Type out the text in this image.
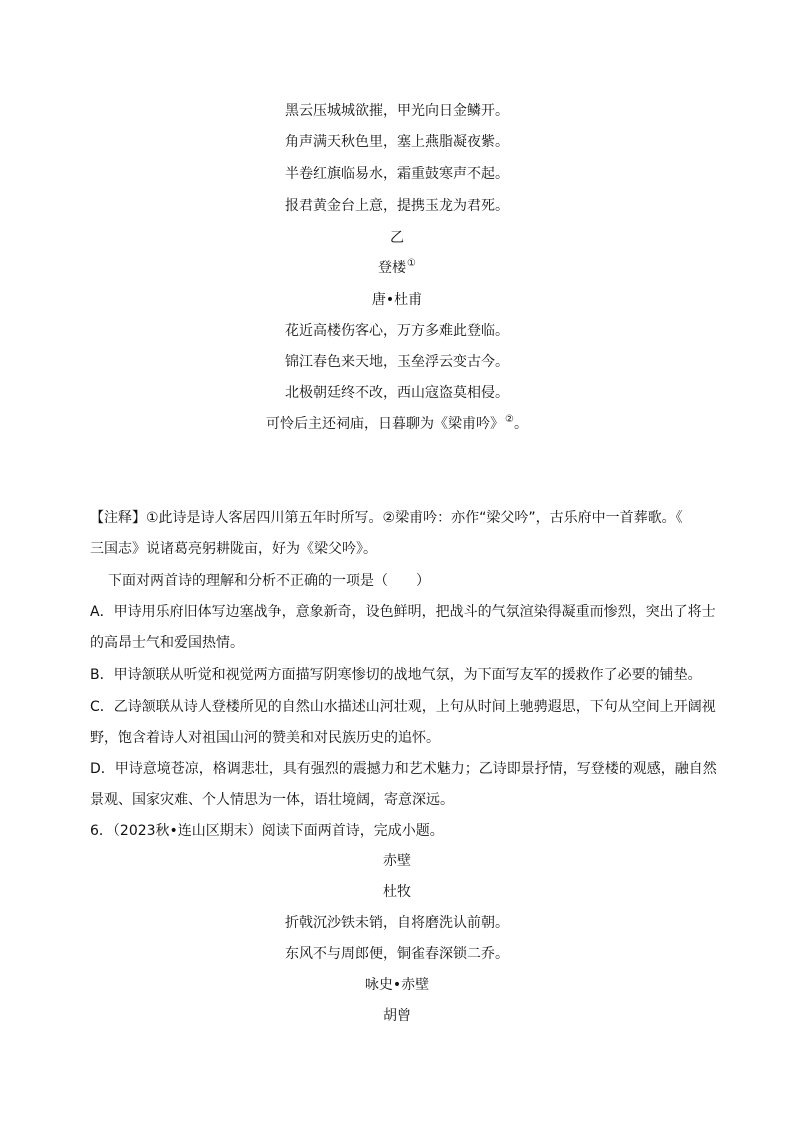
黑云压城城欲摧，甲光向日金鳞开。

角声满天秋色里，塞上燕脂凝夜紫。

半卷红旗临易水，霜重鼓寒声不起。

报君黄金台上意，提携玉龙为君死。

乙

登楼①

唐•杜甫

花近高楼伤客心，万方多难此登临。

锦江春色来天地，玉垒浮云变古今。

北极朝廷终不改，西山寇盗莫相侵。

可怜后主还祠庙，日暮聊为《梁甫吟》②。

【注释】①此诗是诗人客居四川第五年时所写。②梁甫吟：亦作“梁父吟”，古乐府中一首葬歌。《

三国志》说诸葛亮躬耕陇亩，好为《梁父吟》。

下面对两首诗的理解和分析不正确的一项是（　　）

A．甲诗用乐府旧体写边塞战争，意象新奇，设色鲜明，把战斗的气氛渲染得凝重而惨烈，突出了将士

的高昂士气和爱国热情。

B．甲诗颔联从听觉和视觉两方面描写阴寒惨切的战地气氛，为下面写友军的援救作了必要的铺垫。

C．乙诗颔联从诗人登楼所见的自然山水描述山河壮观，上句从时间上驰骋遐思，下句从空间上开阔视

野，饱含着诗人对祖国山河的赞美和对民族历史的追怀。

D．甲诗意境苍凉，格调悲壮，具有强烈的震撼力和艺术魅力；乙诗即景抒情，写登楼的观感，融自然

景观、国家灾难、个人情思为一体，语壮境阔，寄意深远。

6．（2023秋•连山区期末）阅读下面两首诗，完成小题。

赤壁

杜牧

折戟沉沙铁未销，自将磨洗认前朝。

东风不与周郎便，铜雀春深锁二乔。

咏史•赤壁

胡曾
